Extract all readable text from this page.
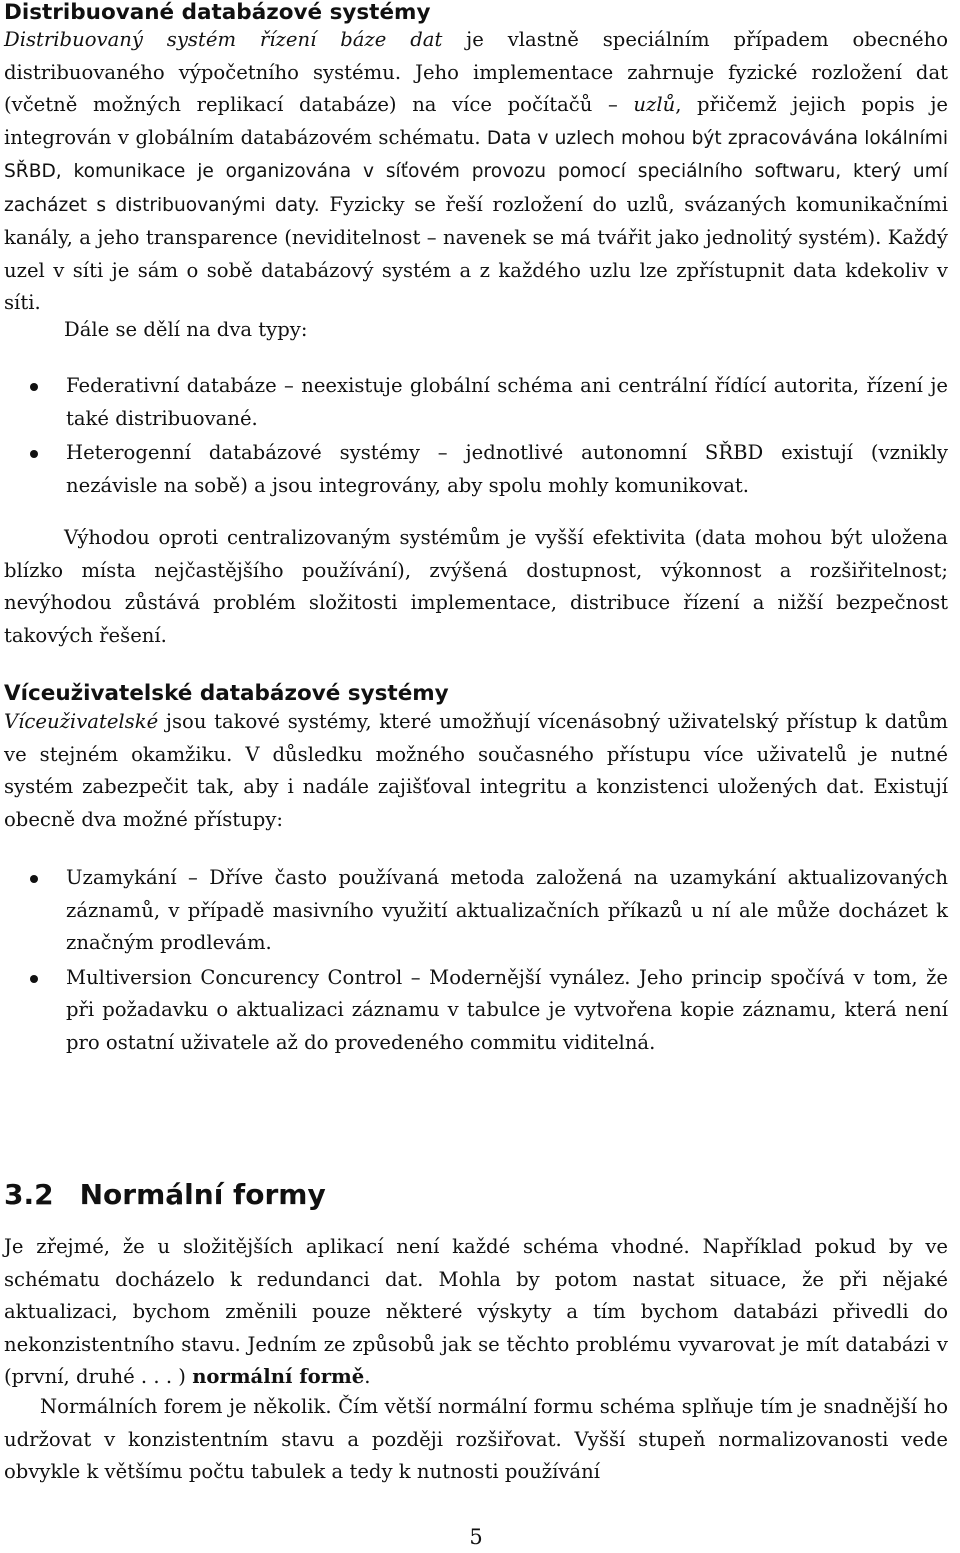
Distribuované databázové systémy

Distribuovaný systém řízení báze dat je vlastně speciálním případem obecného distribuovaného výpočetního systému. Jeho implementace zahrnuje fyzické rozložení dat (včetně možných replikací databáze) na více počítačů – uzlů, přičemž jejich popis je integrován v globálním databázovém schématu. Data v uzlech mohou být zpracovávána lokálními SŘBD, komunikace je organizována v síťovém provozu pomocí speciálního softwaru, který umí zacházet s distribuovanými daty. Fyzicky se řeší rozložení do uzlů, svázaných komunikačními kanály, a jeho transparence (neviditelnost – navenek se má tvářit jako jednolitý systém). Každý uzel v síti je sám o sobě databázový systém a z každého uzlu lze zpřístupnit data kdekoliv v síti.

Dále se dělí na dva typy:

Federativní databáze – neexistuje globální schéma ani centrální řídící autorita, řízení je také distribuované.
Heterogenní databázové systémy – jednotlivé autonomní SŘBD existují (vznikly nezávisle na sobě) a jsou integrovány, aby spolu mohly komunikovat.

Výhodou oproti centralizovaným systémům je vyšší efektivita (data mohou být uložena blízko místa nejčastějšího používání), zvýšená dostupnost, výkonnost a rozšiřitelnost; nevýhodou zůstává problém složitosti implementace, distribuce řízení a nižší bezpečnost takových řešení.

Víceuživatelské databázové systémy

Víceuživatelské jsou takové systémy, které umožňují vícenásobný uživatelský přístup k datům ve stejném okamžiku. V důsledku možného současného přístupu více uživatelů je nutné systém zabezpečit tak, aby i nadále zajišťoval integritu a konzistenci uložených dat. Existují obecně dva možné přístupy:

Uzamykání – Dříve často používaná metoda založená na uzamykání aktualizovaných záznamů, v případě masivního využití aktualizačních příkazů u ní ale může docházet k značným prodlevám.
Multiversion Concurency Control – Modernější vynález. Jeho princip spočívá v tom, že při požadavku o aktualizaci záznamu v tabulce je vytvořena kopie záznamu, která není pro ostatní uživatele až do provedeného commitu viditelná.
3.2 Normální formy

Je zřejmé, že u složitějších aplikací není každé schéma vhodné. Například pokud by ve schématu docházelo k redundanci dat. Mohla by potom nastat situace, že při nějaké aktualizaci, bychom změnili pouze některé výskyty a tím bychom databázi přivedli do nekonzistentního stavu. Jedním ze způsobů jak se těchto problému vyvarovat je mít databázi v (první, druhé . . . ) normální formě.

Normálních forem je několik. Čím větší normální formu schéma splňuje tím je snadnější ho udržovat v konzistentním stavu a později rozšiřovat. Vyšší stupeň normalizovanosti vede obvykle k většímu počtu tabulek a tedy k nutnosti používání

5
